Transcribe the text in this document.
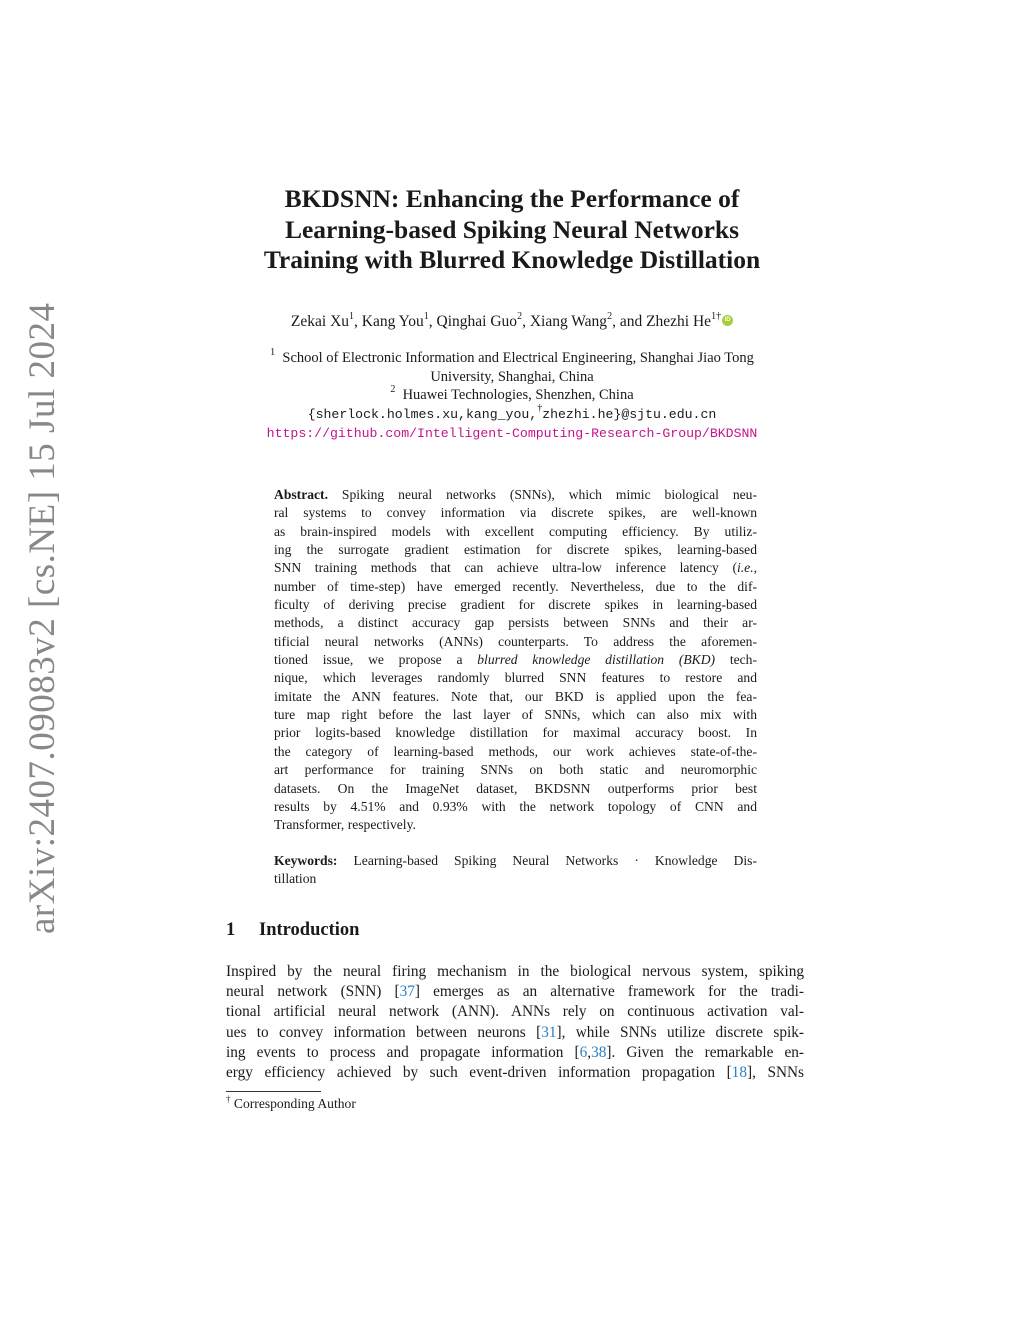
arXiv:2407.09083v2 [cs.NE] 15 Jul 2024
BKDSNN: Enhancing the Performance of
Learning-based Spiking Neural Networks
Training with Blurred Knowledge Distillation
Zekai Xu$^1$, Kang You$^1$, Qinghai Guo$^2$, Xiang Wang$^2$, and Zhezhi $He^{1\dagger}$ iD
$^1$ School of Electronic Information and Electrical Engineering, Shanghai Jiao Tong
University, Shanghai, China
$^2$ Huawei Technologies, Shenzhen, China
{sherlock.holmes.xu,kang_you,†zhezhi.he}@sjtu.edu.cn
https://github.com/Intelligent-Computing-Research-Group/BKDSNN
Abstract. Spiking neural networks (SNNs), which mimic biological neu-
ral systems to convey information via discrete spikes, are well-known
as brain-inspired models with excellent computing efficiency. By utiliz-
ing the surrogate gradient estimation for discrete spikes, learning-based
SNN training methods that can achieve ultra-low inference latency (i.e.,
number of time-step) have emerged recently. Nevertheless, due to the dif-
ficulty of deriving precise gradient for discrete spikes in learning-based
methods, a distinct accuracy gap persists between SNNs and their ar-
tificial neural networks (ANNs) counterparts. To address the aforemen-
tioned issue, we propose a blurred knowledge distillation (BKD) tech-
nique, which leverages randomly blurred SNN features to restore and
imitate the ANN features. Note that, our BKD is applied upon the fea-
ture map right before the last layer of SNNs, which can also mix with
prior logits-based knowledge distillation for maximal accuracy boost. In
the category of learning-based methods, our work achieves state-of-the-
art performance for training SNNs on both static and neuromorphic
datasets. On the ImageNet dataset, BKDSNN outperforms prior best
results by 4.51% and 0.93% with the network topology of CNN and
Transformer, respectively.
Keywords: Learning-based Spiking Neural Networks · Knowledge Dis-
tillation
1 Introduction
Inspired by the neural firing mechanism in the biological nervous system, spiking
neural network (SNN) [37] emerges as an alternative framework for the tradi-
tional artificial neural network (ANN). ANNs rely on continuous activation val-
ues to convey information between neurons [31], while SNNs utilize discrete spik-
ing events to process and propagate information [6,38]. Given the remarkable en-
ergy efficiency achieved by such event-driven information propagation [18], SNNs
† Corresponding Author
